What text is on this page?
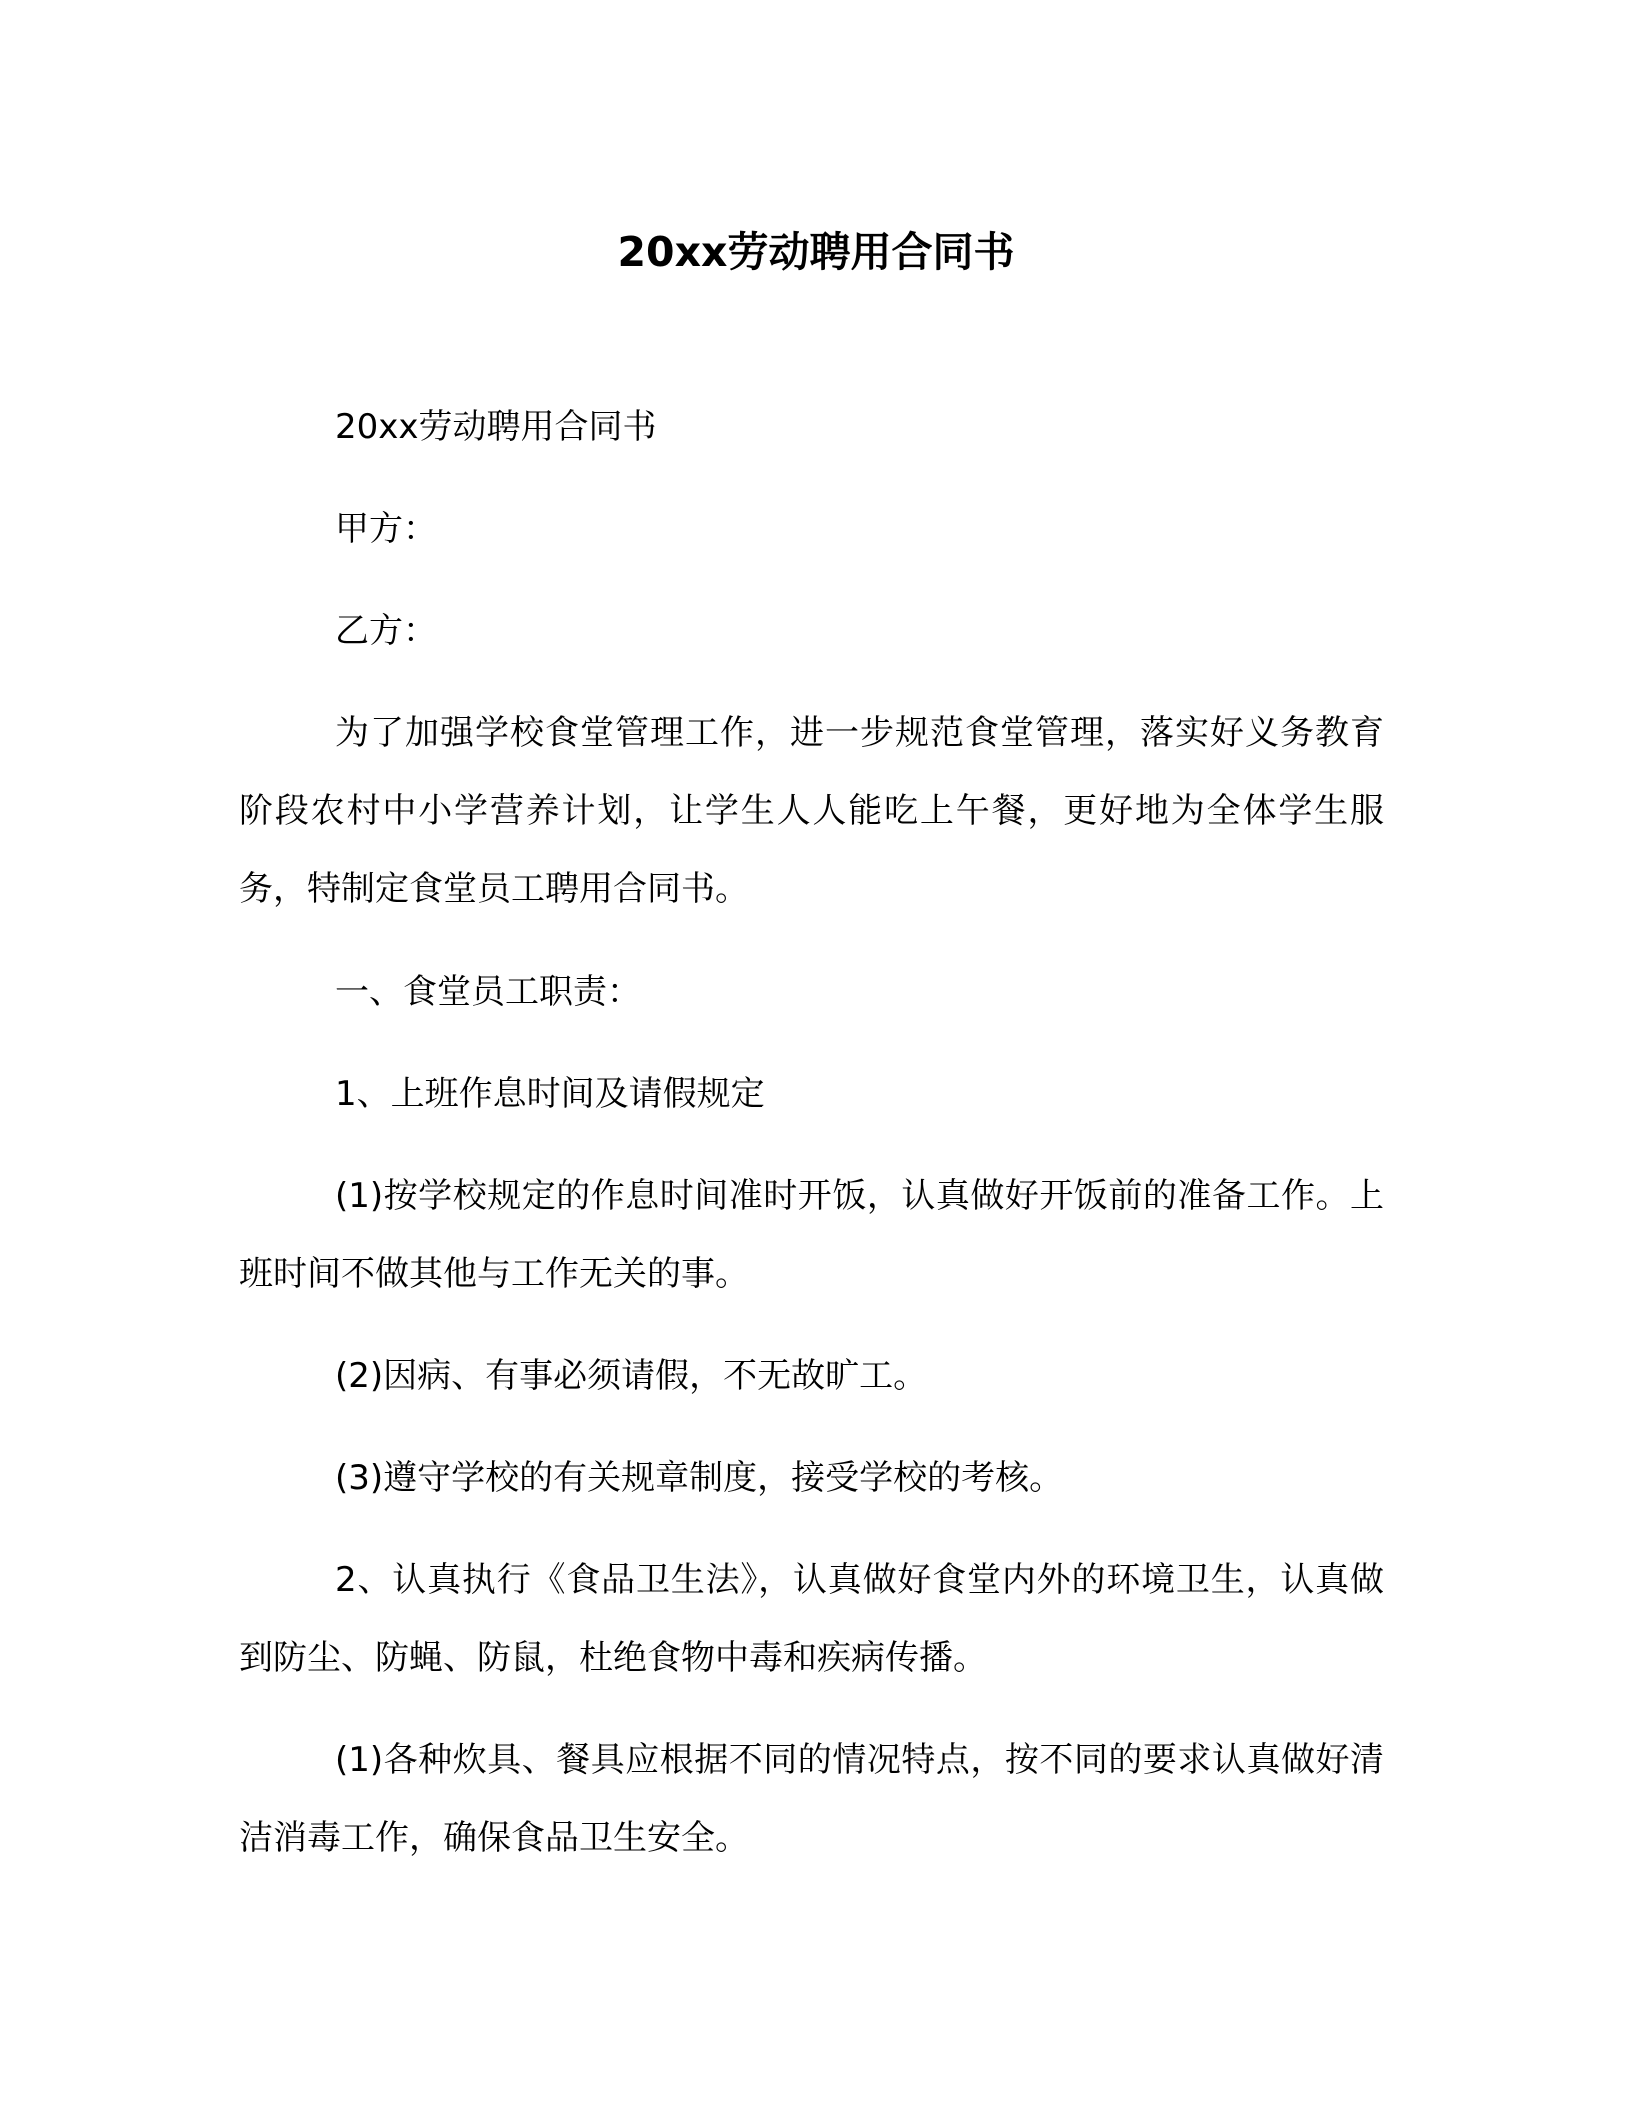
20xx劳动聘用合同书

20xx劳动聘用合同书

甲方：

乙方：

为了加强学校食堂管理工作，进一步规范食堂管理，落实好义务教育阶段农村中小学营养计划，让学生人人能吃上午餐，更好地为全体学生服务，特制定食堂员工聘用合同书。

一、食堂员工职责：

1、上班作息时间及请假规定

(1)按学校规定的作息时间准时开饭，认真做好开饭前的准备工作。上班时间不做其他与工作无关的事。

(2)因病、有事必须请假，不无故旷工。

(3)遵守学校的有关规章制度，接受学校的考核。

2、认真执行《食品卫生法》，认真做好食堂内外的环境卫生，认真做到防尘、防蝇、防鼠，杜绝食物中毒和疾病传播。

(1)各种炊具、餐具应根据不同的情况特点，按不同的要求认真做好清洁消毒工作，确保食品卫生安全。
